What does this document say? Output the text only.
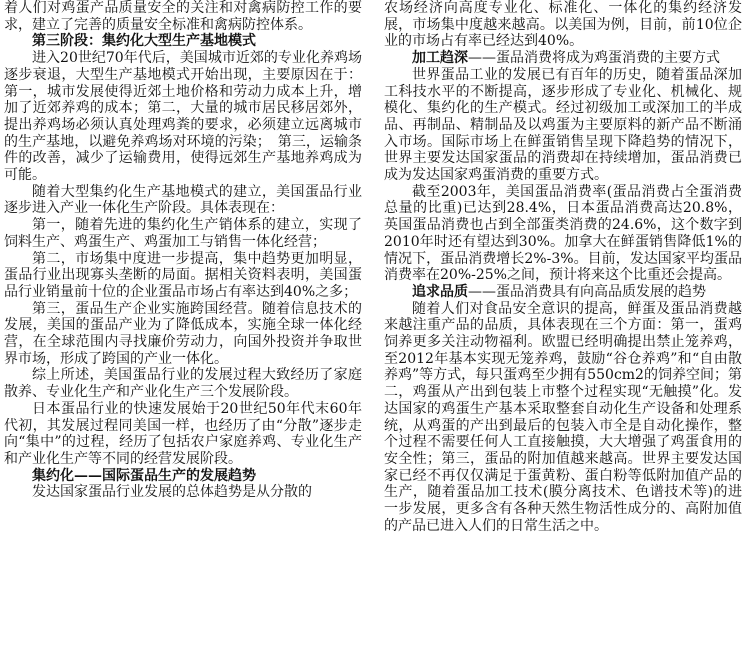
着人们对鸡蛋产品质量安全的关注和对禽病防控工作的要求，建立了完善的质量安全标准和禽病防控体系。

第三阶段：集约化大型生产基地模式

进入20世纪70年代后，美国城市近郊的专业化养鸡场逐步衰退，大型生产基地模式开始出现，主要原因在于：第一，城市发展使得近郊土地价格和劳动力成本上升，增加了近郊养鸡的成本；第二，大量的城市居民移居郊外，提出养鸡场必须认真处理鸡粪的要求，必须建立远离城市的生产基地，以避免养鸡场对环境的污染；　第三，运输条件的改善，减少了运输费用，使得远郊生产基地养鸡成为可能。

随着大型集约化生产基地模式的建立，美国蛋品行业逐步进入产业一体化生产阶段。具体表现在：

第一，随着先进的集约化生产销体系的建立，实现了饲料生产、鸡蛋生产、鸡蛋加工与销售一体化经营；

第二，市场集中度进一步提高，集中趋势更加明显，蛋品行业出现寡头垄断的局面。据相关资料表明，美国蛋品行业销量前十位的企业蛋品市场占有率达到40%之多；

第三，蛋品生产企业实施跨国经营。随着信息技术的发展，美国的蛋品产业为了降低成本，实施全球一体化经营，在全球范围内寻找廉价劳动力，向国外投资并争取世界市场，形成了跨国的产业一体化。

综上所述，美国蛋品行业的发展过程大致经历了家庭散养、专业化生产和产业化生产三个发展阶段。

日本蛋品行业的快速发展始于20世纪50年代末60年代初，其发展过程同美国一样，也经历了由“分散”逐步走向“集中”的过程，经历了包括农户家庭养鸡、专业化生产和产业化生产等不同的经营发展阶段。

集约化——国际蛋品生产的发展趋势

发达国家蛋品行业发展的总体趋势是从分散的

农场经济向高度专业化、标准化、一体化的集约经济发展，市场集中度越来越高。以美国为例，目前，前10位企业的市场占有率已经达到40%。

加工趋深——蛋品消费将成为鸡蛋消费的主要方式

世界蛋品工业的发展已有百年的历史，随着蛋品深加工科技水平的不断提高，逐步形成了专业化、机械化、规模化、集约化的生产模式。经过初级加工或深加工的半成品、再制品、精制品及以鸡蛋为主要原料的新产品不断涌入市场。国际市场上在鲜蛋销售呈现下降趋势的情况下，世界主要发达国家蛋品的消费却在持续增加，蛋品消费已成为发达国家鸡蛋消费的重要方式。

截至2003年，美国蛋品消费率(蛋品消费占全蛋消费总量的比重)已达到28.4%，日本蛋品消费高达20.8%，英国蛋品消费也占到全部蛋类消费的24.6%，这个数字到2010年时还有望达到30%。加拿大在鲜蛋销售降低1%的情况下，蛋品消费增长2%-3%。目前，发达国家平均蛋品消费率在20%-25%之间，预计将来这个比重还会提高。

追求品质——蛋品消费具有向高品质发展的趋势

随着人们对食品安全意识的提高，鲜蛋及蛋品消费越来越注重产品的品质，具体表现在三个方面：第一，蛋鸡饲养更多关注动物福利。欧盟已经明确提出禁止笼养鸡，至2012年基本实现无笼养鸡，鼓励“谷仓养鸡”和“自由散养鸡”等方式，每只蛋鸡至少拥有550cm2的饲养空间；第二，鸡蛋从产出到包装上市整个过程实现“无触摸”化。发达国家的鸡蛋生产基本采取整套自动化生产设备和处理系统，从鸡蛋的产出到最后的包装入市全是自动化操作，整个过程不需要任何人工直接触摸，大大增强了鸡蛋食用的安全性；第三，蛋品的附加值越来越高。世界主要发达国家已经不再仅仅满足于蛋黄粉、蛋白粉等低附加值产品的生产，随着蛋品加工技术(膜分离技术、色谱技术等)的进一步发展，更多含有各种天然生物活性成分的、高附加值的产品已进入人们的日常生活之中。
